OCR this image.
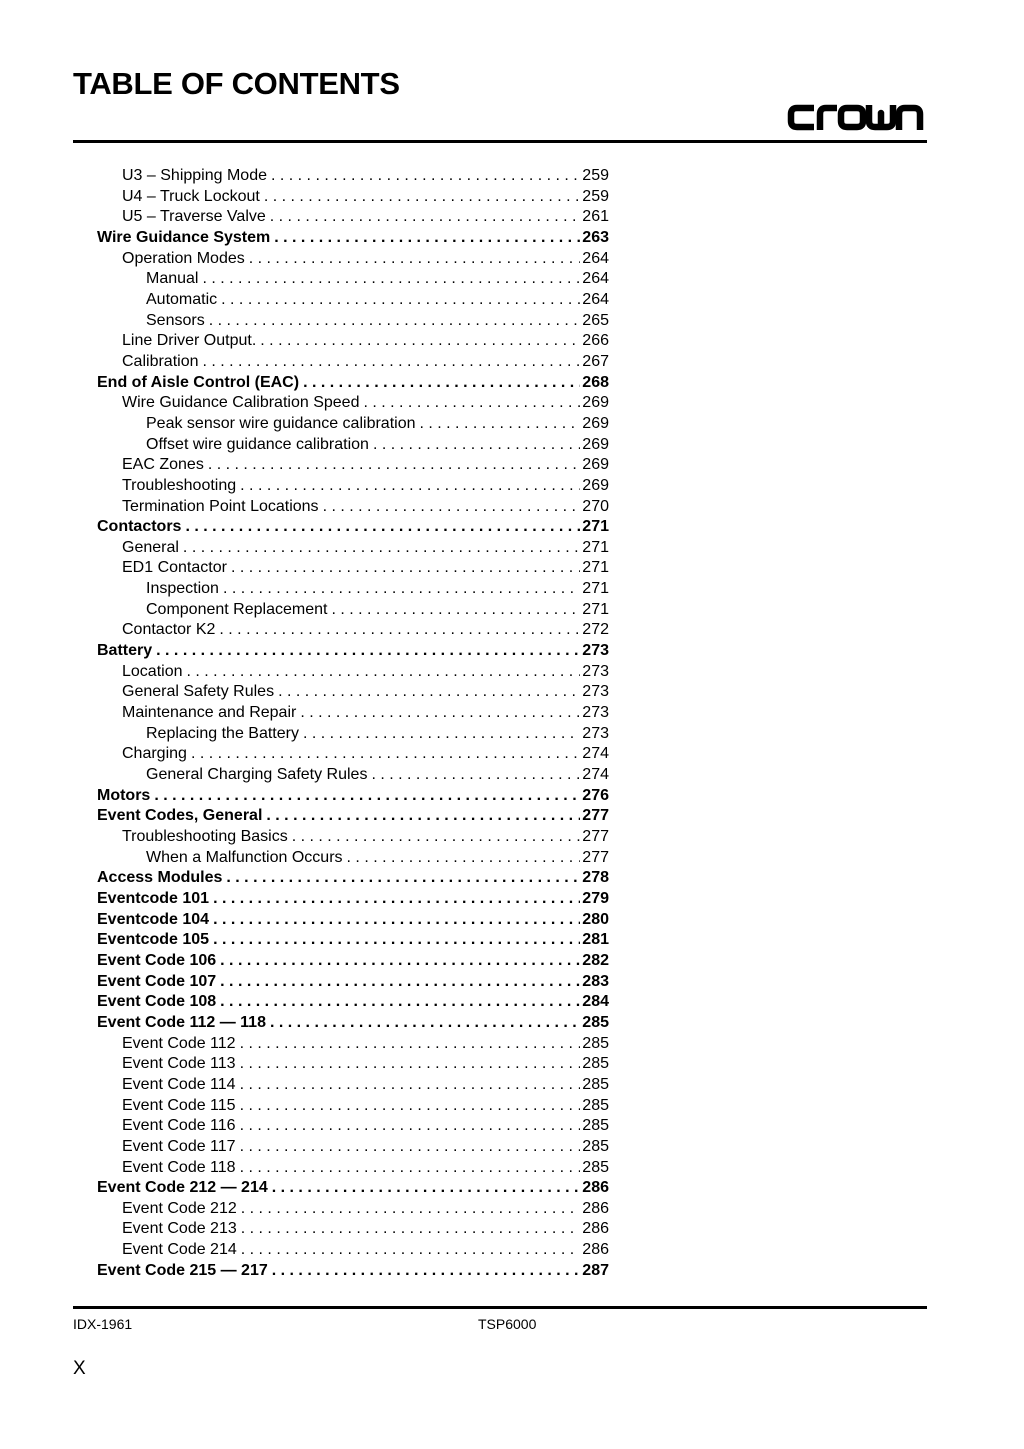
TABLE OF CONTENTS
U3 – Shipping Mode . . .	259
U4 – Truck Lockout . . .	259
U5 – Traverse Valve . . .	261
Wire Guidance System . . .	263
Operation Modes . . .	264
Manual . . .	264
Automatic . . .	264
Sensors . . .	265
Line Driver Output. . . .	266
Calibration . . .	267
End of Aisle Control (EAC) . . .	268
Wire Guidance Calibration Speed . . .	269
Peak sensor wire guidance calibration . . .	269
Offset wire guidance calibration . . .	269
EAC Zones . . .	269
Troubleshooting . . .	269
Termination Point Locations . . .	270
Contactors . . .	271
General . . .	271
ED1 Contactor . . .	271
Inspection . . .	271
Component Replacement . . .	271
Contactor K2 . . .	272
Battery . . .	273
Location . . .	273
General Safety Rules . . .	273
Maintenance and Repair . . .	273
Replacing the Battery . . .	273
Charging . . .	274
General Charging Safety Rules . . .	274
Motors . . .	276
Event Codes, General . . .	277
Troubleshooting Basics . . .	277
When a Malfunction Occurs . . .	277
Access Modules . . .	278
Eventcode 101 . . .	279
Eventcode 104 . . .	280
Eventcode 105 . . .	281
Event Code 106 . . .	282
Event Code 107 . . .	283
Event Code 108 . . .	284
Event Code 112 — 118 . . .	285
Event Code 112 . . .	285
Event Code 113 . . .	285
Event Code 114 . . .	285
Event Code 115 . . .	285
Event Code 116 . . .	285
Event Code 117 . . .	285
Event Code 118 . . .	285
Event Code 212 — 214 . . .	286
Event Code 212 . . .	286
Event Code 213 . . .	286
Event Code 214 . . .	286
Event Code 215 — 217 . . .	287
IDX-1961	TSP6000
X
